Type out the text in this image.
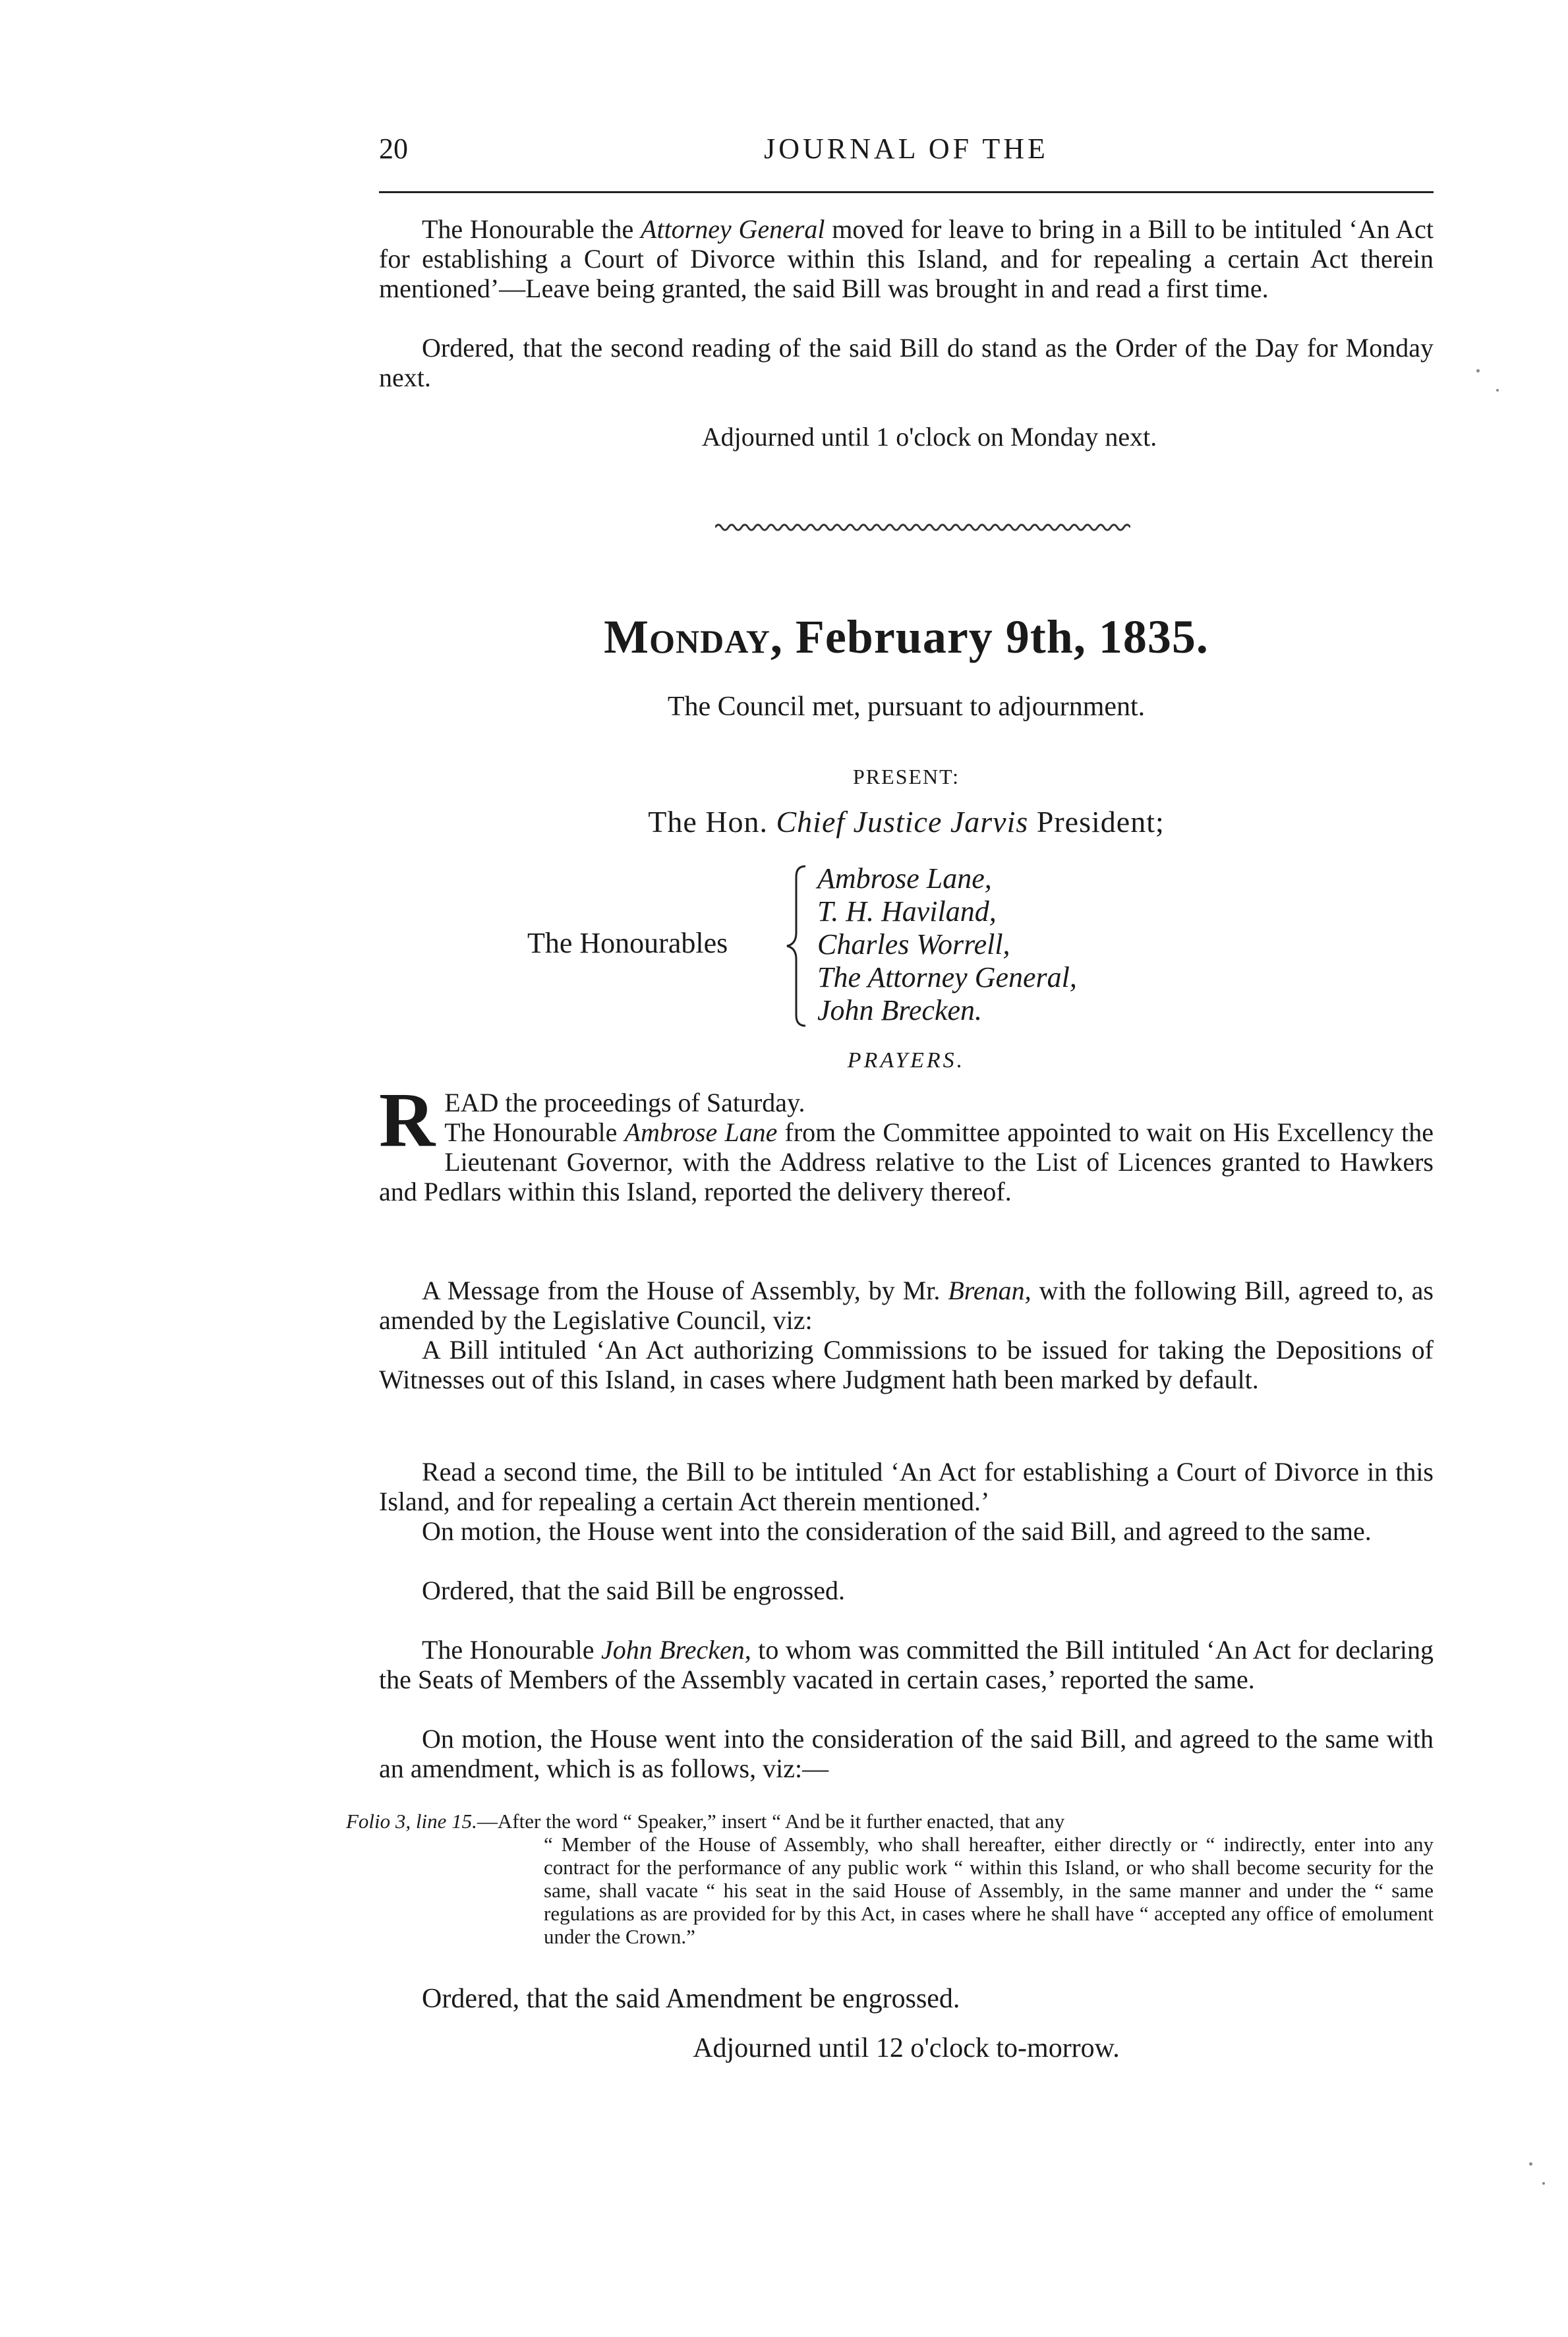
20	JOURNAL OF THE

The Honourable the Attorney General moved for leave to bring in a Bill to be intituled ‘An Act for establishing a Court of Divorce within this Island, and for repealing a certain Act therein mentioned’—Leave being granted, the said Bill was brought in and read a first time.

Ordered, that the second reading of the said Bill do stand as the Order of the Day for Monday next.

Adjourned until 1 o'clock on Monday next.

Monday, February 9th, 1835.

The Council met, pursuant to adjournment.

PRESENT:
The Hon. Chief Justice Jarvis President;
The Honourables
Ambrose Lane,
T. H. Haviland,
Charles Worrell,
The Attorney General,
John Brecken.
PRAYERS.
READ the proceedings of Saturday.
The Honourable Ambrose Lane from the Committee appointed to wait on His Excellency the Lieutenant Governor, with the Address relative to the List of Licences granted to Hawkers and Pedlars within this Island, reported the delivery thereof.

A Message from the House of Assembly, by Mr. Brenan, with the following Bill, agreed to, as amended by the Legislative Council, viz:

A Bill intituled ‘An Act authorizing Commissions to be issued for taking the Depositions of Witnesses out of this Island, in cases where Judgment hath been marked by default.

Read a second time, the Bill to be intituled ‘An Act for establishing a Court of Divorce in this Island, and for repealing a certain Act therein mentioned.’

On motion, the House went into the consideration of the said Bill, and agreed to the same.

Ordered, that the said Bill be engrossed.

The Honourable John Brecken, to whom was committed the Bill intituled ‘An Act for declaring the Seats of Members of the Assembly vacated in certain cases,’ reported the same.

On motion, the House went into the consideration of the said Bill, and agreed to the same with an amendment, which is as follows, viz:—

Folio 3, line 15.—After the word “ Speaker,” insert “ And be it further enacted, that any
“ Member of the House of Assembly, who shall hereafter, either directly or “ indirectly, enter into any contract for the performance of any public work “ within this Island, or who shall become security for the same, shall vacate “ his seat in the said House of Assembly, in the same manner and under the “ same regulations as are provided for by this Act, in cases where he shall have “ accepted any office of emolument under the Crown.”

Ordered, that the said Amendment be engrossed.

Adjourned until 12 o'clock to-morrow.
